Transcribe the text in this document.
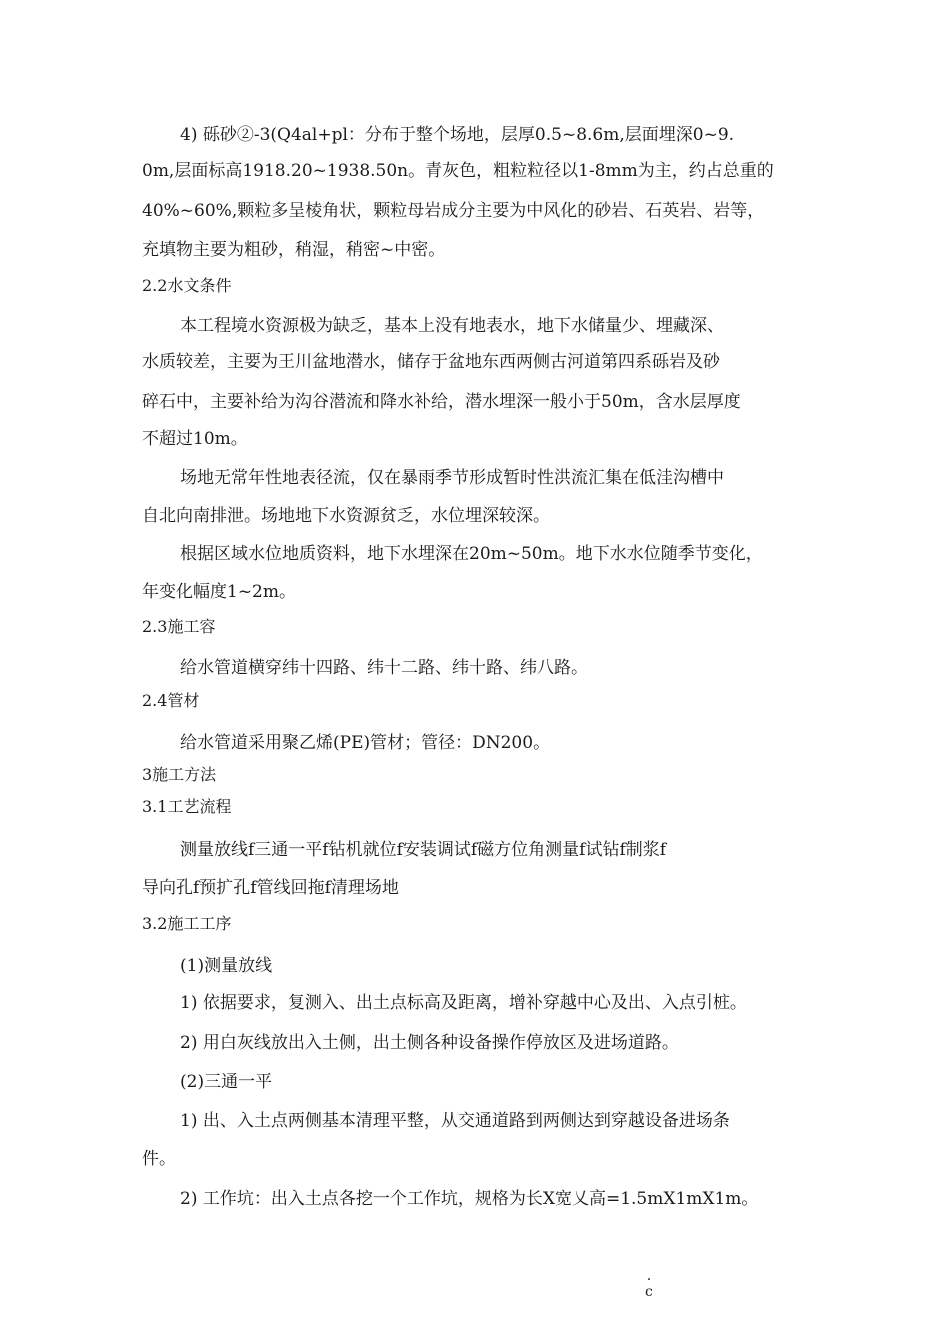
4) 砾砂②-3(Q4al+pl：分布于整个场地，层厚0.5~8.6m,层面埋深0~9.
0m,层面标高1918.20~1938.50n。青灰色，粗粒粒径以1-8mm为主，约占总重的
40%~60%,颗粒多呈棱角状，颗粒母岩成分主要为中风化的砂岩、石英岩、岩等，
充填物主要为粗砂，稍湿，稍密~中密。
2.2水文条件
本工程境水资源极为缺乏，基本上没有地表水，地下水储量少、埋藏深、
水质较差，主要为王川盆地潜水，储存于盆地东西两侧古河道第四系砾岩及砂
碎石中，主要补给为沟谷潜流和降水补给，潜水埋深一般小于50m，含水层厚度
不超过10m。
场地无常年性地表径流，仅在暴雨季节形成暂时性洪流汇集在低洼沟槽中
自北向南排泄。场地地下水资源贫乏，水位埋深较深。
根据区域水位地质资料，地下水埋深在20m~50m。地下水水位随季节变化，
年变化幅度1~2m。
2.3施工容
给水管道横穿纬十四路、纬十二路、纬十路、纬八路。
2.4管材
给水管道采用聚乙烯(PE)管材；管径：DN200。
3施工方法
3.1工艺流程
测量放线f三通一平f钻机就位f安装调试f磁方位角测量f试钻f制浆f
导向孔f预扩孔f管线回拖f清理场地
3.2施工工序
(1)测量放线
1) 依据要求，复测入、出土点标高及距离，增补穿越中心及出、入点引桩。
2) 用白灰线放出入土侧，出土侧各种设备操作停放区及进场道路。
(2)三通一平
1) 出、入土点两侧基本清理平整，从交通道路到两侧达到穿越设备进场条
件。
2) 工作坑：出入土点各挖一个工作坑，规格为长X宽乂高=1.5mX1mX1m。
.
c
